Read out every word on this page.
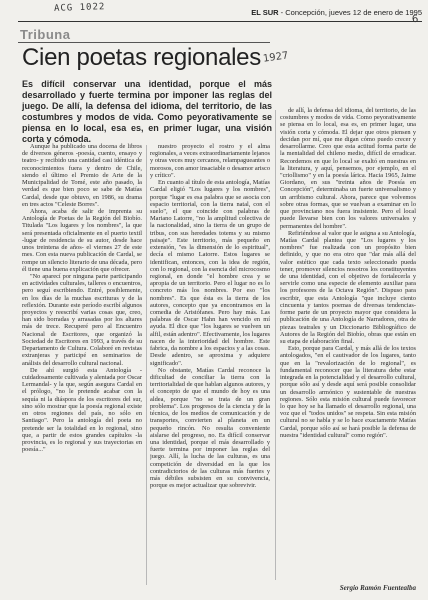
ACG 1022
6
EL SUR - Concepción, jueves 12 de enero de 1995
Tribuna
Cien poetas regionales 1927
Es difícil conservar una identidad, porque el más desarrollado y fuerte termina por imponer las reglas del juego. De allí, la defensa del idioma, del territorio, de las costumbres y modos de vida. Como peyorativamente se piensa en lo local, esa es, en primer lugar, una visión corta y cómoda.

Aunque ha publicado una docena de libros de diversos géneros -poesía, cuento, ensayo y teatro- y recibido una cantidad casi idéntica de reconocimientos fuera y dentro de Chile, siendo el último el Premio de Arte de la Municipalidad de Tomé, este año pasado, la verdad es que bien poco se sabe de Matías Cardal, desde que obtuvo, en 1986, su drama en tres actos "Celeste Borres".

Ahora, acaba de salir de imprenta su Antología de Poetas de la Región del Biobío. Titulada "Los lugares y los nombres", la que será presentada oficialmente en el puerto textil -lugar de residencia de su autor, desde hace unos treintena de años- el viernes 27 de este mes. Con esta nueva publicación de Cardal, se rompe un silencio literario de una década, pero él tiene una buena explicación que ofrecer.

"No aparecí por ninguna parte participando en actividades culturales, talleres o encuentros, pero seguí escribiendo. Entré, posiblemente, en los días de la muchas escrituras y de la reflexión. Durante este período escribí algunos proyectos y reescribí varias cosas que, creo, han sido borradas y arrasadas por los altares más de trece. Recuperé pero al Encuentro Nacional de Escritores, que organizó la Sociedad de Escritores en 1993, a través de su Departamento de Cultura. Colaboré en revistas extranjeras y participé en seminarios de análisis del desarrollo cultural nacional.

De ahí surgió esta Antología -cuidadosamente cultivada y alentada por Oscar Lermandal- y la que, según asegura Cardal en el prólogo, "no le pretende acabar con la sequía ni la diáspora de los escritores del sur, sino sólo mostrar que la poesía regional existe en otros regiones del país, no sólo en Santiago". Pero la antología del poeta no pretende ser la totalidad en lo regional, sino que, a partir de estos grandes capítulos -la provincia, es lo regional y sus trayectorias en poesía..."

nuestro proyecto el rostro y el alma regionales, a veces extraordinariamente lejanos y otras veces muy cercanos, relampagueantes o morosos, con amor insaciable o desamor arisco y crítico".

En cuanto al título de esta antología, Matías Cardal eligió "Los lugares y los nombres", porque "lugar es esa palabra que se asocia con espacio territorial, con la tierra natal, con el suelo", el que coincide con palabras de Mariano Latorre, "no la amplitud colectiva de la nacionalidad, sino la tierra de un grupo de tribus, con sus heredades totems y su mismo paisaje". Este territorio, más pequeño en extensión, "es la dimensión de lo espiritual", decía el mismo Latorre. Estos lugares se identifican, entonces, con la idea de región, con lo regional, con la esencia del microcosmo regional, en donde "el hombre crea y se apropia de un territorio. Pero el lugar no es lo concreto más los nombres. Por eso "los nombres". Es que ésta es la tierra de los autores, concepto que ya encontramos en la comedia de Aristófanes. Pero hay más. Las palabras de Oscar Hahn han vencido en mí ayuda. El dice que "los lugares se vuelven un alfil, están adentro". Efectivamente, los lugares nacen de la interioridad del hombre. Este fabrica, da nombre a los espacios y a las cosas. Desde adentro, se aproxima y adquiere significado".

No obstante, Matías Cardal reconoce la dificultad de conciliar la tierra con la territorialidad de que hablan algunos autores, y el concepto de que el mundo de hoy es una aldea, porque "no se trata de un gran problema". Los progresos de la ciencia y de la técnica, de los medios de comunicación y de transportes, convierten al planeta en un pequeño rincón. No resulta conveniente aislarse del progreso, no. Es difícil conservar una identidad, porque el más desarrollado y fuerte termina por imponer las reglas del juego. Allí, la lucha de las culturas, es una competición de diversidad en la que los contradictorios de las culturas más fuertes y más débiles subsisten en su convivencia, porque es mejor actualizar que sobrevivir.

de allí, la defensa del idioma, del territorio, de las costumbres y modos de vida. Como peyorativamente se piensa en lo local, esa es, en primer lugar, una visión corta y cómoda. El dejar que otros piensen y decidan por mí, que me digan cómo puedo crecer y desarrollarme. Creo que esta actitud forma parte de la mentalidad del chileno medio, difícil de erradicar. Recordemos en que lo local se exaltó en nuestras en la literatura, y aquí, pensemos, por ejemplo, en el "criollismo" y en la poesía lárica. Hacia 1965, Jaime Giordano, en sus "treinta años de Poesía en Concepción", determinaba un fuerte universalismo y un arribismo cultural. Ahora, parece que volvemos sobre otras formas, que se vuelvan a examinar en lo que provinciano nos fuera insistente. Pero el local puede llevarse bien con los valores universales y permanentes del hombre".

Refiriéndose al valor que le asigna a su Antología, Matías Cardal plantea que "Los lugares y los nombres" fue realizada con un propósito bien definido, y que no era otro que "dar más allá del valor estético que cada texto seleccionado pueda tener, promover silencios nosotros los constituyentes de una identidad, con el objetivo de fortalecerla y servirle como una especie de elemento auxiliar para los profesores de la Octava Región". Dispuso para escribir, que esta Antología "que incluye ciento cincuenta y tantos poemas de diversas tendencias- forme parte de un proyecto mayor que considera la publicación de una Antología de Narradores, otra de piezas teatrales y un Diccionario Bibliográfico de Autores de la Región del Biobío, obras que están en su etapa de elaboración final.

Esto, porque para Cardal, y más allá de los textos antologados, "en el cautivador de los lugares, tanto que en la "revalorización de lo regional", es fundamental reconocer que la literatura debe estar integrada en la potencialidad y el desarrollo cultural, porque sólo así y desde aquí será posible consolidar un desarrollo armónico y sustentable de nuestras regiones. Sólo esta misión cultural puede favorecer lo que hoy se ha llamado el desarrollo regional, una voz que el "todos unidos" se respeta. Sin esta misión cultural no se habla y se lo hace exactamente Matías Cardal, porque sólo así se hará posible la defensa de nuestra "identidad cultural" como región".

Sergio Ramón Fuentealba
